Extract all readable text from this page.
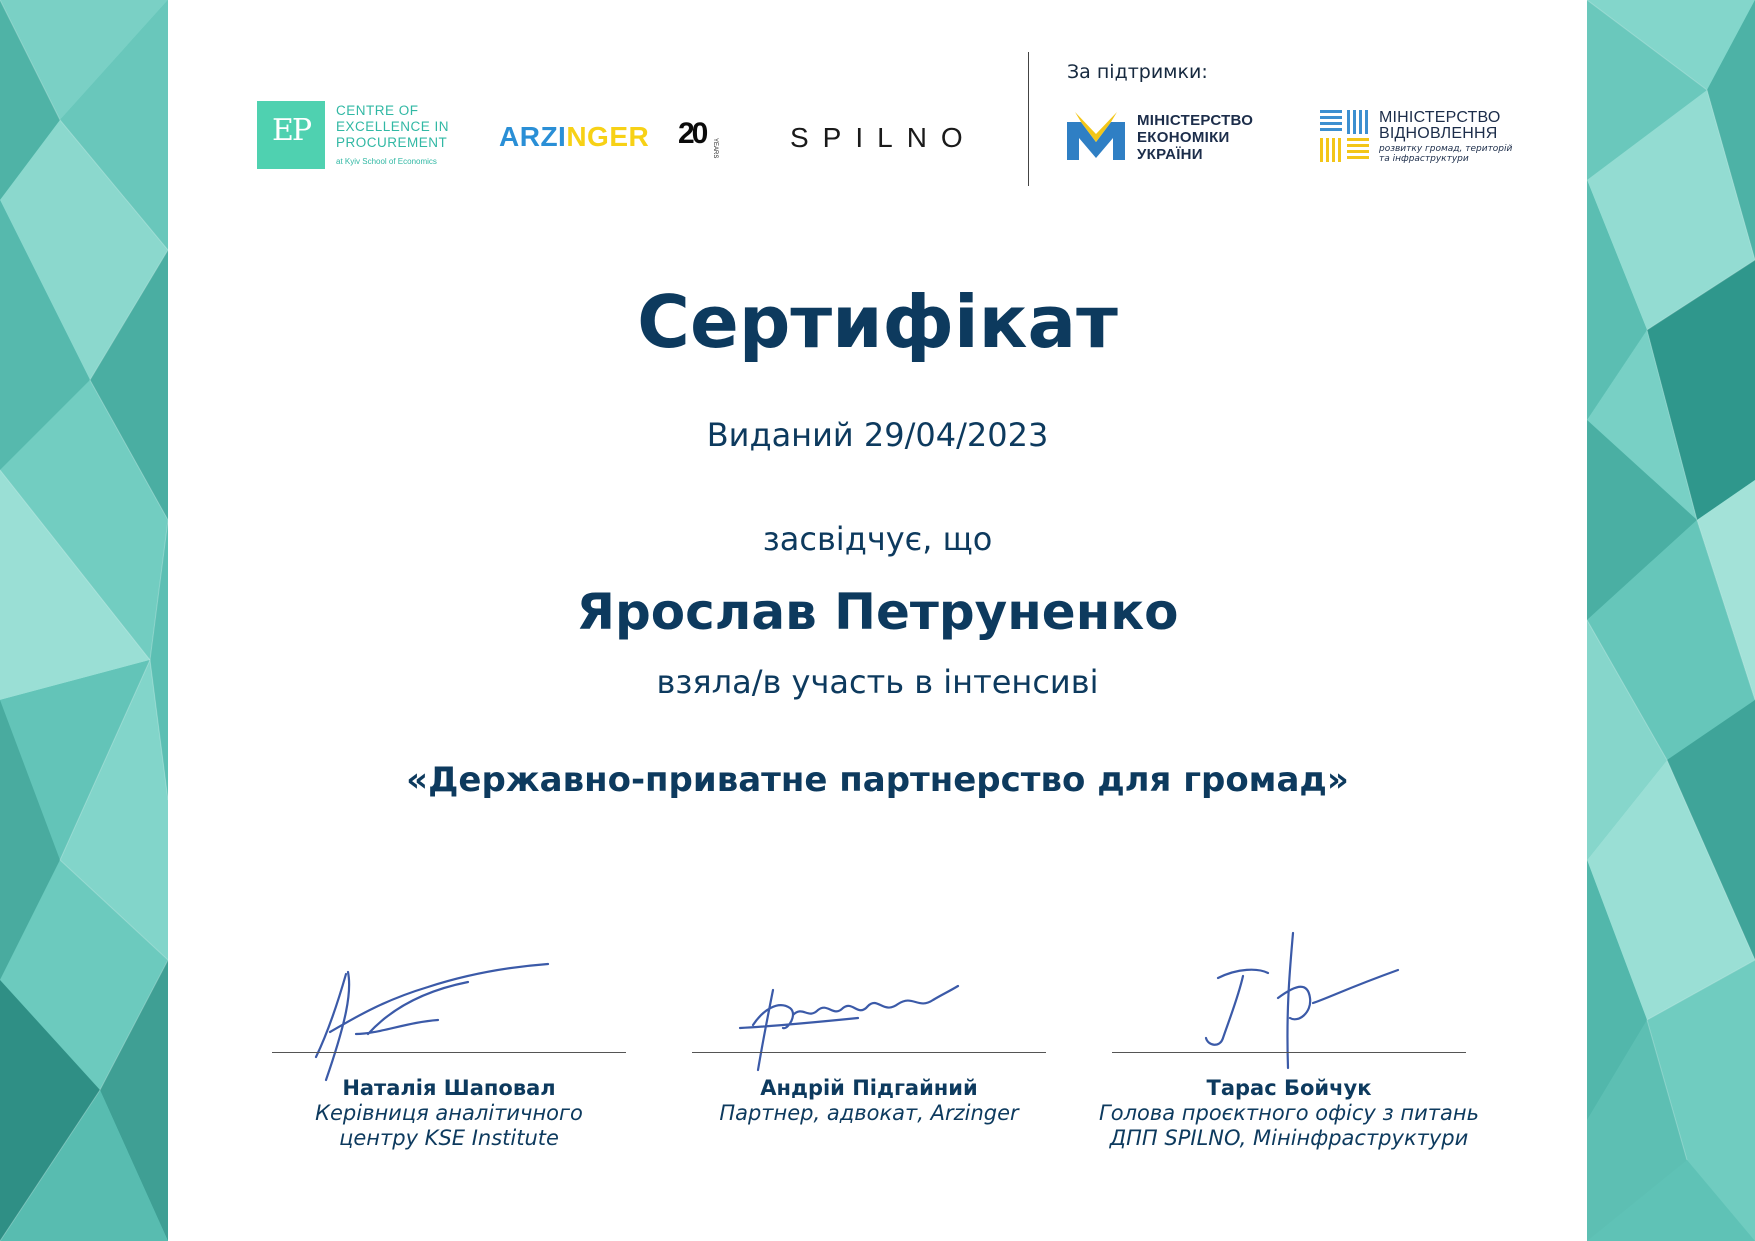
EP
CENTRE OF EXCELLENCE IN PROCUREMENT
at Kyiv School of Economics
ARZINGER 20 YEARS	SPILNO
За підтримки:
МІНІСТЕРСТВО
ЕКОНОМІКИ
УКРАЇНИ
МІНІСТЕРСТВО
ВІДНОВЛЕННЯ
розвитку громад, територій
та інфраструктури
Сертифікат
Виданий 29/04/2023
засвідчує, що
Ярослав Петруненко
взяла/в участь в інтенсиві
«Державно-приватне партнерство для громад»
Наталія Шаповал
Керівниця аналітичного
центру KSE Institute
Андрій Підгайний
Партнер, адвокат, Arzinger
Тарас Бойчук
Голова проєктного офісу з питань
ДПП SPILNO, Мінінфраструктури
